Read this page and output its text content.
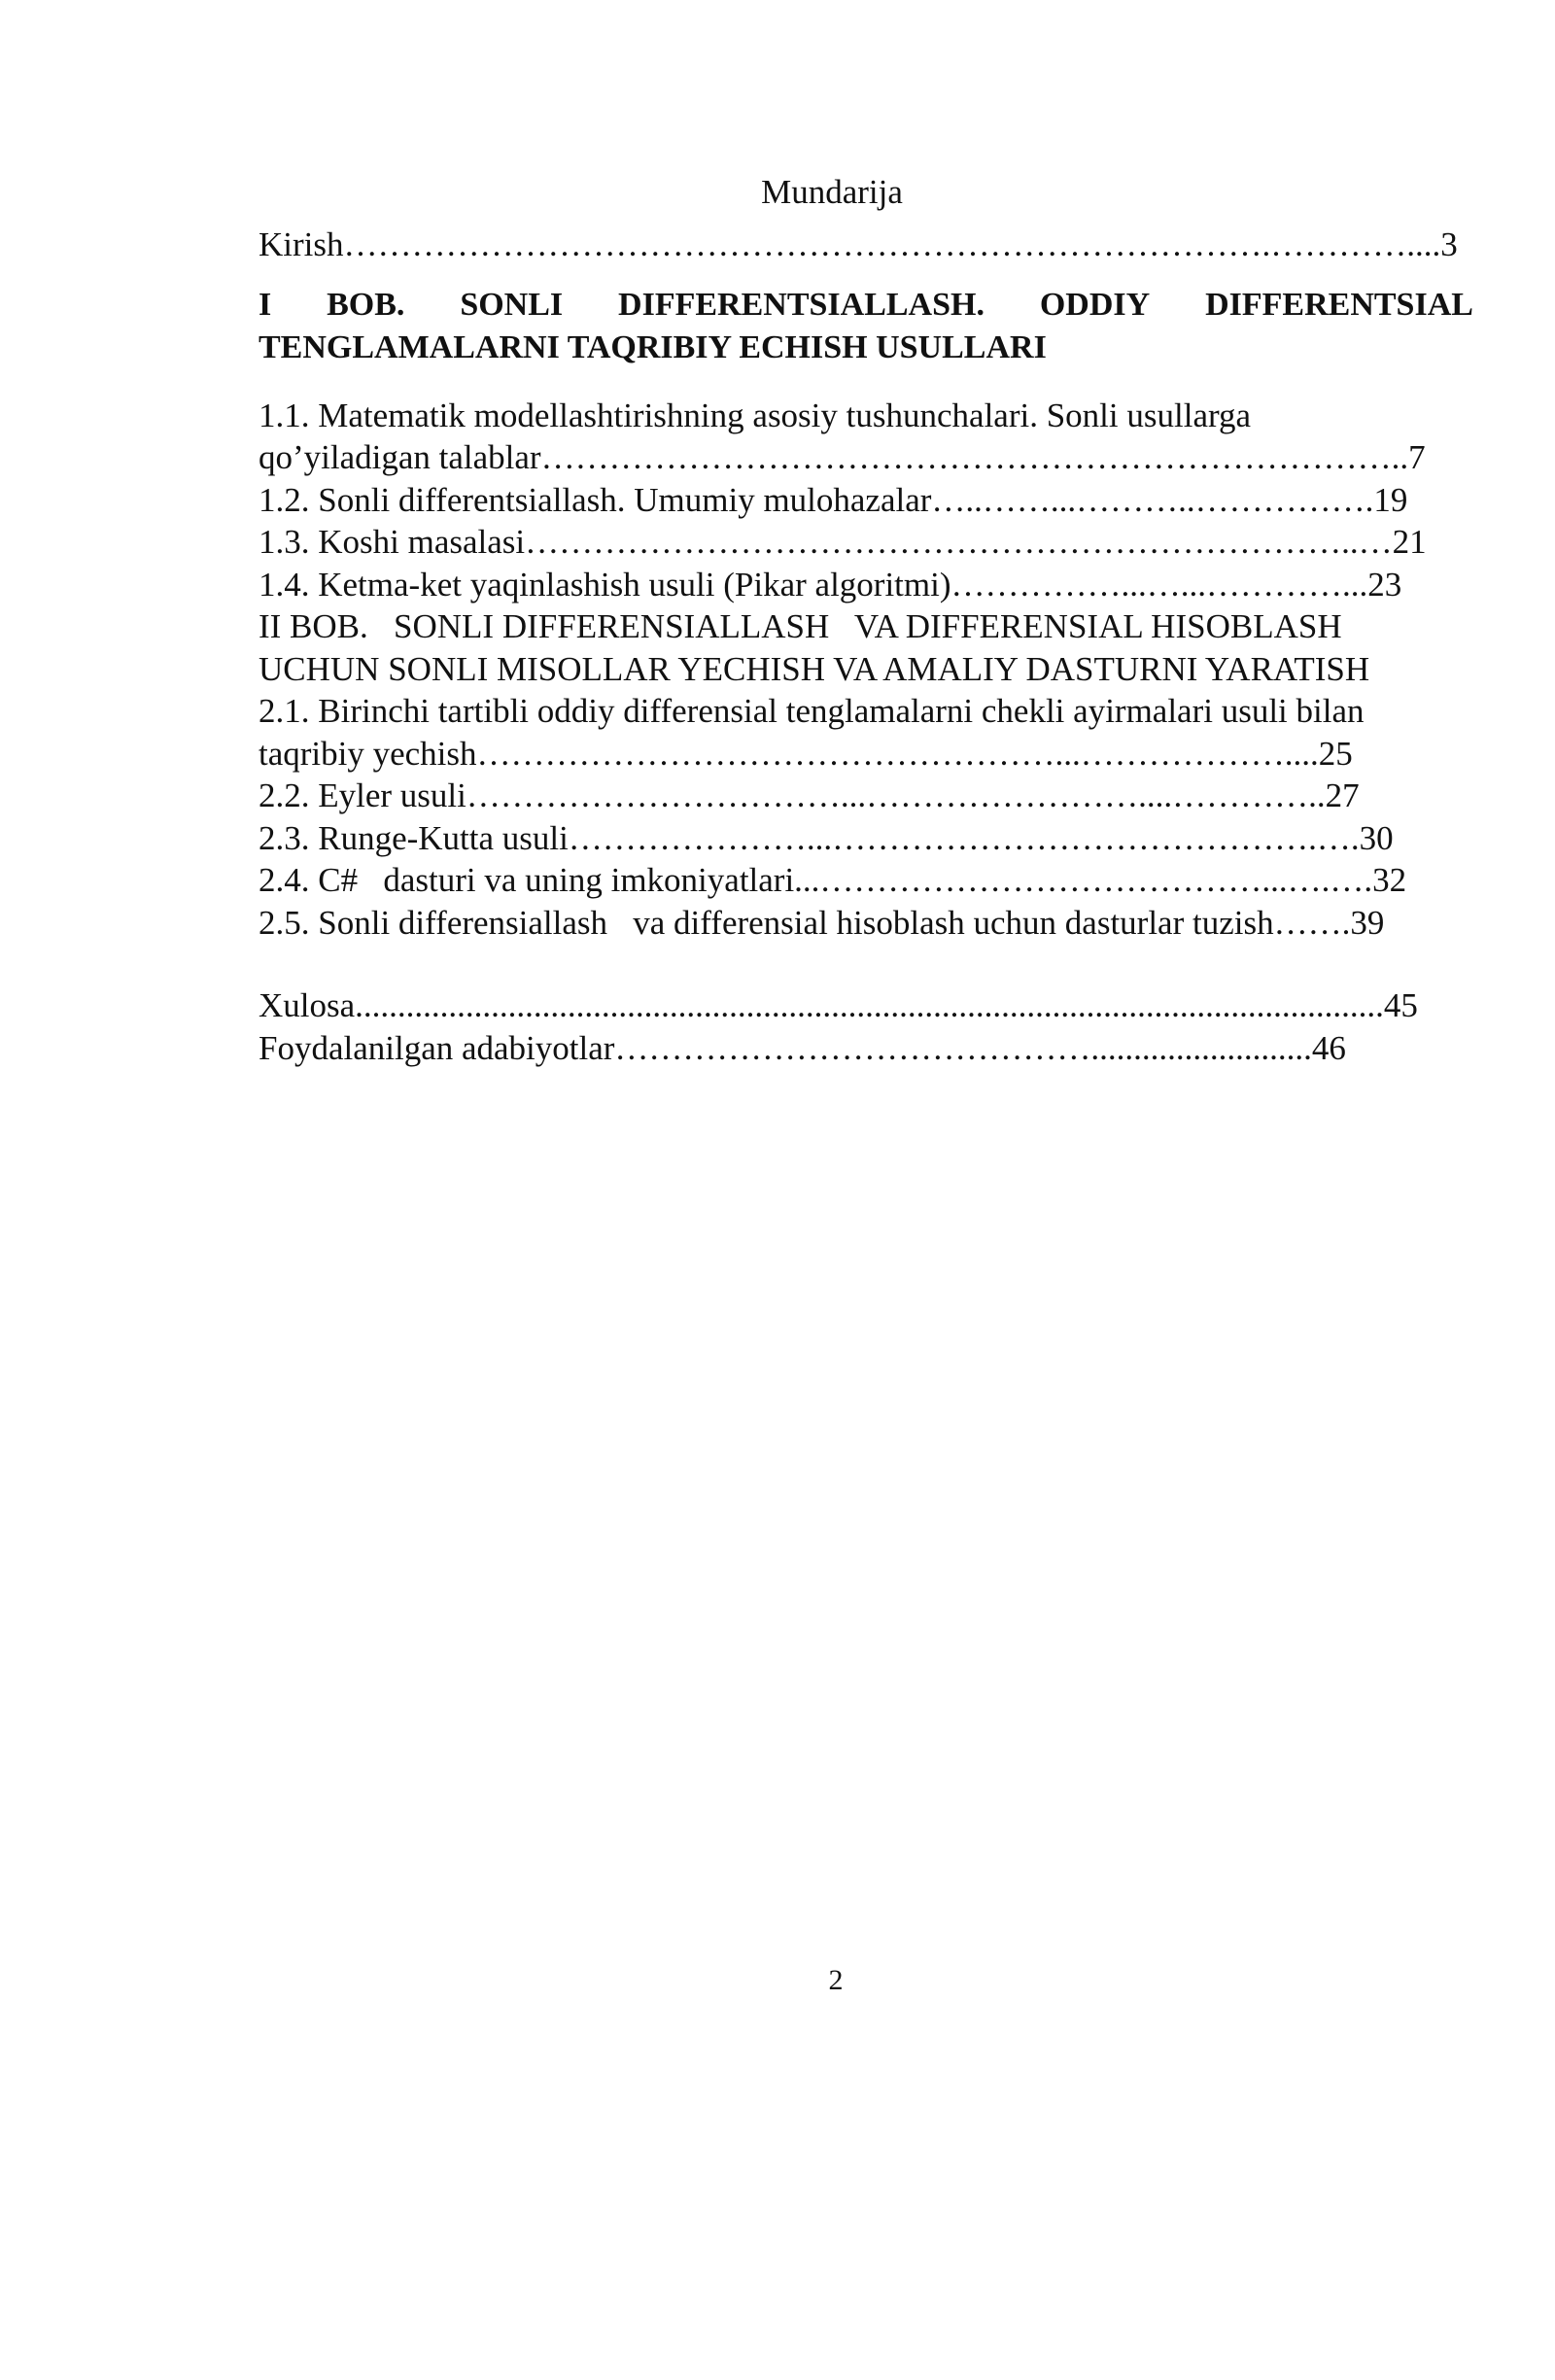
Mundarija
Kirish……………………………………………………………………….…………....3
I BOB. SONLI DIFFERENTSIALLASH. ODDIY DIFFERENTSIAL
TENGLAMALARNI TAQRIBIY ECHISH USULLARI
1.1. Matematik modellashtirishning asosiy tushunchalari. Sonli usullarga
qo’yiladigan talablar…………………………………………………………………..7
1.2. Sonli differentsiallash. Umumiy mulohazalar…..……...………..…………….19
1.3. Koshi masalasi………………………………………………………………..…21
1.4. Ketma-ket yaqinlashish usuli (Pikar algoritmi)……………...…...…………...23
II BOB.   SONLI DIFFERENSIALLASH   VA DIFFERENSIAL HISOBLASH
UCHUN SONLI MISOLLAR YECHISH VA AMALIY DASTURNI YARATISH
2.1. Birinchi tartibli oddiy differensial tenglamalarni chekli ayirmalari usuli bilan
taqribiy yechish……………………………………………...………………....25
2.2. Eyler usuli……………………………...……………………....…………..27
2.3. Runge-Kutta usuli…………………...…………………………………….….30
2.4. C#   dasturi va uning imkoniyatlari...…………………………………...….….32
2.5. Sonli differensiallash   va differensial hisoblash uchun dasturlar tuzish…….39
Xulosa.........................................................................................................................45
Foydalanilgan adabiyotlar……………………………………..........................46
2
